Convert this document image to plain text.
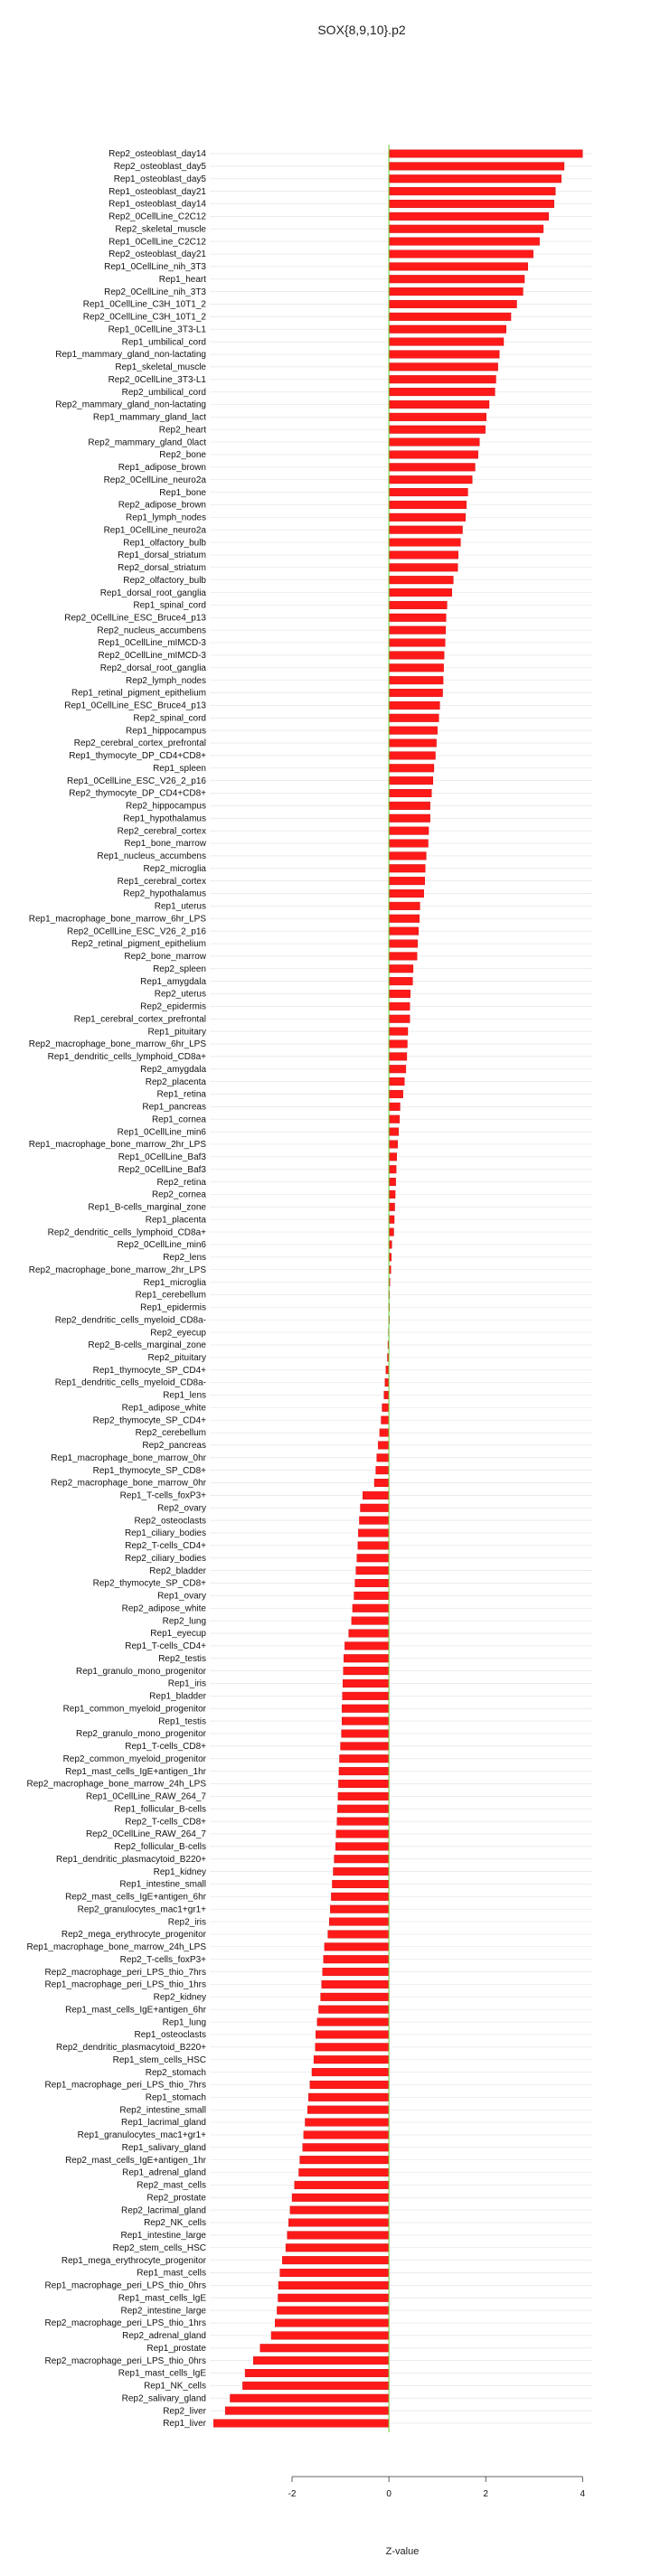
SOX{8,9,10}.p2
Rep2_osteoblast_day14
Rep2_osteoblast_day5
Rep1_osteoblast_day5
Rep1_osteoblast_day21
Rep1_osteoblast_day14
Rep2_0CellLine_C2C12
Rep2_skeletal_muscle
Rep1_0CellLine_C2C12
Rep2_osteoblast_day21
Rep1_0CellLine_nih_3T3
Rep1_heart
Rep2_0CellLine_nih_3T3
Rep1_0CellLine_C3H_10T1_2
Rep2_0CellLine_C3H_10T1_2
Rep1_0CellLine_3T3-L1
Rep1_umbilical_cord
Rep1_mammary_gland_non-lactating
Rep1_skeletal_muscle
Rep2_0CellLine_3T3-L1
Rep2_umbilical_cord
Rep2_mammary_gland_non-lactating
Rep1_mammary_gland_lact
Rep2_heart
Rep2_mammary_gland_0lact
Rep2_bone
Rep1_adipose_brown
Rep2_0CellLine_neuro2a
Rep1_bone
Rep2_adipose_brown
Rep1_lymph_nodes
Rep1_0CellLine_neuro2a
Rep1_olfactory_bulb
Rep1_dorsal_striatum
Rep2_dorsal_striatum
Rep2_olfactory_bulb
Rep1_dorsal_root_ganglia
Rep1_spinal_cord
Rep2_0CellLine_ESC_Bruce4_p13
Rep2_nucleus_accumbens
Rep1_0CellLine_mIMCD-3
Rep2_0CellLine_mIMCD-3
Rep2_dorsal_root_ganglia
Rep2_lymph_nodes
Rep1_retinal_pigment_epithelium
Rep1_0CellLine_ESC_Bruce4_p13
Rep2_spinal_cord
Rep1_hippocampus
Rep2_cerebral_cortex_prefrontal
Rep1_thymocyte_DP_CD4+CD8+
Rep1_spleen
Rep1_0CellLine_ESC_V26_2_p16
Rep2_thymocyte_DP_CD4+CD8+
Rep2_hippocampus
Rep1_hypothalamus
Rep2_cerebral_cortex
Rep1_bone_marrow
Rep1_nucleus_accumbens
Rep2_microglia
Rep1_cerebral_cortex
Rep2_hypothalamus
Rep1_uterus
Rep1_macrophage_bone_marrow_6hr_LPS
Rep2_0CellLine_ESC_V26_2_p16
Rep2_retinal_pigment_epithelium
Rep2_bone_marrow
Rep2_spleen
Rep1_amygdala
Rep2_uterus
Rep2_epidermis
Rep1_cerebral_cortex_prefrontal
Rep1_pituitary
Rep2_macrophage_bone_marrow_6hr_LPS
Rep1_dendritic_cells_lymphoid_CD8a+
Rep2_amygdala
Rep2_placenta
Rep1_retina
Rep1_pancreas
Rep1_cornea
Rep1_0CellLine_min6
Rep1_macrophage_bone_marrow_2hr_LPS
Rep1_0CellLine_Baf3
Rep2_0CellLine_Baf3
Rep2_retina
Rep2_cornea
Rep1_B-cells_marginal_zone
Rep1_placenta
Rep2_dendritic_cells_lymphoid_CD8a+
Rep2_0CellLine_min6
Rep2_lens
Rep2_macrophage_bone_marrow_2hr_LPS
Rep1_microglia
Rep1_cerebellum
Rep1_epidermis
Rep2_dendritic_cells_myeloid_CD8a-
Rep2_eyecup
Rep2_B-cells_marginal_zone
Rep2_pituitary
Rep1_thymocyte_SP_CD4+
Rep1_dendritic_cells_myeloid_CD8a-
Rep1_lens
Rep1_adipose_white
Rep2_thymocyte_SP_CD4+
Rep2_cerebellum
Rep2_pancreas
Rep1_macrophage_bone_marrow_0hr
Rep1_thymocyte_SP_CD8+
Rep2_macrophage_bone_marrow_0hr
Rep1_T-cells_foxP3+
Rep2_ovary
Rep2_osteoclasts
Rep1_ciliary_bodies
Rep2_T-cells_CD4+
Rep2_ciliary_bodies
Rep2_bladder
Rep2_thymocyte_SP_CD8+
Rep1_ovary
Rep2_adipose_white
Rep2_lung
Rep1_eyecup
Rep1_T-cells_CD4+
Rep2_testis
Rep1_granulo_mono_progenitor
Rep1_iris
Rep1_bladder
Rep1_common_myeloid_progenitor
Rep1_testis
Rep2_granulo_mono_progenitor
Rep1_T-cells_CD8+
Rep2_common_myeloid_progenitor
Rep1_mast_cells_IgE+antigen_1hr
Rep2_macrophage_bone_marrow_24h_LPS
Rep1_0CellLine_RAW_264_7
Rep1_follicular_B-cells
Rep2_T-cells_CD8+
Rep2_0CellLine_RAW_264_7
Rep2_follicular_B-cells
Rep1_dendritic_plasmacytoid_B220+
Rep1_kidney
Rep1_intestine_small
Rep2_mast_cells_IgE+antigen_6hr
Rep2_granulocytes_mac1+gr1+
Rep2_iris
Rep2_mega_erythrocyte_progenitor
Rep1_macrophage_bone_marrow_24h_LPS
Rep2_T-cells_foxP3+
Rep2_macrophage_peri_LPS_thio_7hrs
Rep1_macrophage_peri_LPS_thio_1hrs
Rep2_kidney
Rep1_mast_cells_IgE+antigen_6hr
Rep1_lung
Rep1_osteoclasts
Rep2_dendritic_plasmacytoid_B220+
Rep1_stem_cells_HSC
Rep2_stomach
Rep1_macrophage_peri_LPS_thio_7hrs
Rep1_stomach
Rep2_intestine_small
Rep1_lacrimal_gland
Rep1_granulocytes_mac1+gr1+
Rep1_salivary_gland
Rep2_mast_cells_IgE+antigen_1hr
Rep1_adrenal_gland
Rep2_mast_cells
Rep2_prostate
Rep2_lacrimal_gland
Rep2_NK_cells
Rep1_intestine_large
Rep2_stem_cells_HSC
Rep1_mega_erythrocyte_progenitor
Rep1_mast_cells
Rep1_macrophage_peri_LPS_thio_0hrs
Rep1_mast_cells_IgE
Rep2_intestine_large
Rep2_macrophage_peri_LPS_thio_1hrs
Rep2_adrenal_gland
Rep1_prostate
Rep2_macrophage_peri_LPS_thio_0hrs
Rep1_mast_cells_IgE
Rep1_NK_cells
Rep2_salivary_gland
Rep2_liver
Rep1_liver
-2	0	2	4
Z-value
